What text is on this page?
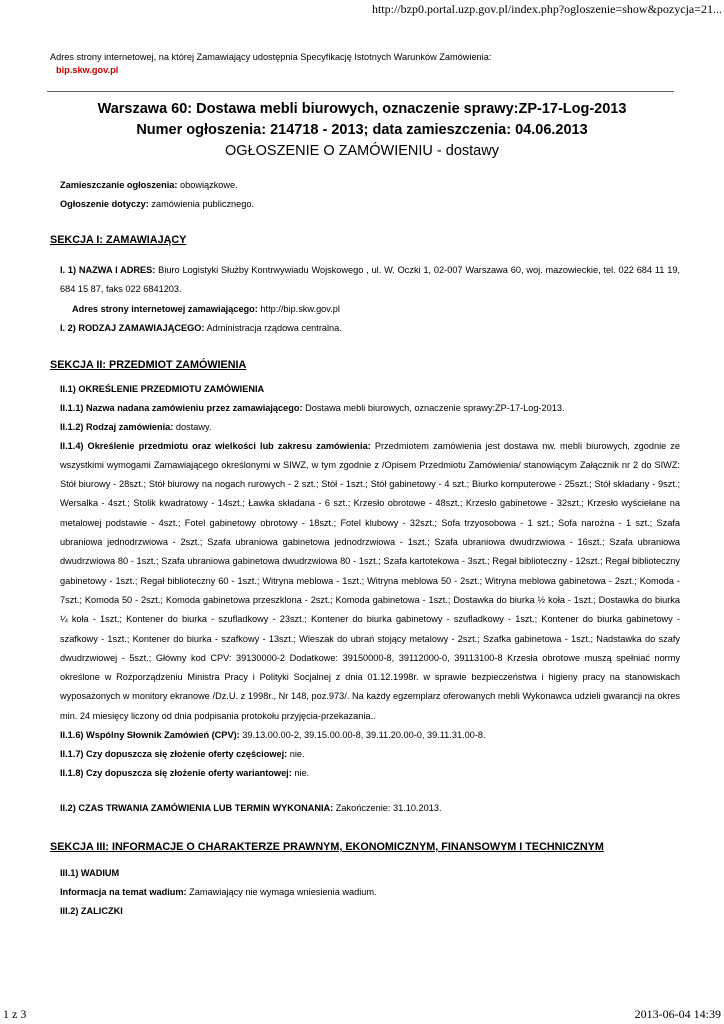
http://bzp0.portal.uzp.gov.pl/index.php?ogloszenie=show&pozycja=21...
Adres strony internetowej, na której Zamawiający udostępnia Specyfikację Istotnych Warunków Zamówienia:
bip.skw.gov.pl
Warszawa 60: Dostawa mebli biurowych, oznaczenie sprawy:ZP-17-Log-2013
Numer ogłoszenia: 214718 - 2013; data zamieszczenia: 04.06.2013
OGŁOSZENIE O ZAMÓWIENIU - dostawy
Zamieszczanie ogłoszenia: obowiązkowe.
Ogłoszenie dotyczy: zamówienia publicznego.
SEKCJA I: ZAMAWIAJĄCY
I. 1) NAZWA I ADRES: Biuro Logistyki Służby Kontrwywiadu Wojskowego , ul. W. Oczki 1, 02-007 Warszawa 60, woj. mazowieckie, tel. 022 684 11 19, 684 15 87, faks 022 6841203.
Adres strony internetowej zamawiającego: http://bip.skw.gov.pl
I. 2) RODZAJ ZAMAWIAJĄCEGO: Administracja rządowa centralna.
SEKCJA II: PRZEDMIOT ZAMÓWIENIA
II.1) OKREŚLENIE PRZEDMIOTU ZAMÓWIENIA
II.1.1) Nazwa nadana zamówieniu przez zamawiającego: Dostawa mebli biurowych, oznaczenie sprawy:ZP-17-Log-2013.
II.1.2) Rodzaj zamówienia: dostawy.
II.1.4) Określenie przedmiotu oraz wielkości lub zakresu zamówienia: Przedmiotem zamówienia jest dostawa nw. mebli biurowych, zgodnie ze wszystkimi wymogami Zamawiającego określonymi w SIWZ, w tym zgodnie z /Opisem Przedmiotu Zamówienia/ stanowiącym Załącznik nr 2 do SIWZ: Stół biurowy - 28szt.; Stół biurowy na nogach rurowych - 2 szt.; Stół - 1szt.; Stół gabinetowy - 4 szt.; Biurko komputerowe - 25szt.; Stół składany - 9szt.; Wersalka - 4szt.; Stolik kwadratowy - 14szt.; Ławka składana - 6 szt.; Krzesło obrotowe - 48szt.; Krzesło gabinetowe - 32szt.; Krzesło wyściełane na metalowej podstawie - 4szt.; Fotel gabinetowy obrotowy - 18szt.; Fotel klubowy - 32szt.; Sofa trzyosobowa - 1 szt.; Sofa narożna - 1 szt.; Szafa ubraniowa jednodrzwiowa - 2szt.; Szafa ubraniowa gabinetowa jednodrzwiowa - 1szt.; Szafa ubraniowa dwudrzwiowa - 16szt.; Szafa ubraniowa dwudrzwiowa 80 - 1szt.; Szafa ubraniowa gabinetowa dwudrzwiowa 80 - 1szt.; Szafa kartotekowa - 3szt.; Regał biblioteczny - 12szt.; Regał biblioteczny gabinetowy - 1szt.; Regał biblioteczny 60 - 1szt.; Witryna meblowa - 1szt.; Witryna meblowa 50 - 2szt.; Witryna meblowa gabinetowa - 2szt.; Komoda - 7szt.; Komoda 50 - 2szt.; Komoda gabinetowa przeszklona - 2szt.; Komoda gabinetowa - 1szt.; Dostawka do biurka ½ koła - 1szt.; Dostawka do biurka ¼ koła - 1szt.; Kontener do biurka - szufladkowy - 23szt.; Kontener do biurka gabinetowy - szufladkowy - 1szt.; Kontener do biurka gabinetowy - szafkowy - 1szt.; Kontener do biurka - szafkowy - 13szt.; Wieszak do ubrań stojący metalowy - 2szt.; Szafka gabinetowa - 1szt.; Nadstawka do szafy dwudrzwiowej - 5szt.; Główny kod CPV: 39130000-2 Dodatkowe: 39150000-8, 39112000-0, 39113100-8 Krzesła obrotowe muszą spełniać normy określone w Rozporządzeniu Ministra Pracy i Polityki Socjalnej z dnia 01.12.1998r. w sprawie bezpieczeństwa i higieny pracy na stanowiskach wyposażonych w monitory ekranowe /Dz.U. z 1998r., Nr 148, poz.973/. Na każdy egzemplarz oferowanych mebli Wykonawca udzieli gwarancji na okres min. 24 miesięcy liczony od dnia podpisania protokołu przyjęcia-przekazania..
II.1.6) Wspólny Słownik Zamówień (CPV): 39.13.00.00-2, 39.15.00.00-8, 39.11.20.00-0, 39.11.31.00-8.
II.1.7) Czy dopuszcza się złożenie oferty częściowej: nie.
II.1.8) Czy dopuszcza się złożenie oferty wariantowej: nie.
II.2) CZAS TRWANIA ZAMÓWIENIA LUB TERMIN WYKONANIA: Zakończenie: 31.10.2013.
SEKCJA III: INFORMACJE O CHARAKTERZE PRAWNYM, EKONOMICZNYM, FINANSOWYM I TECHNICZNYM
III.1) WADIUM
Informacja na temat wadium: Zamawiający nie wymaga wniesienia wadium.
III.2) ZALICZKI
1 z 3	2013-06-04 14:39
